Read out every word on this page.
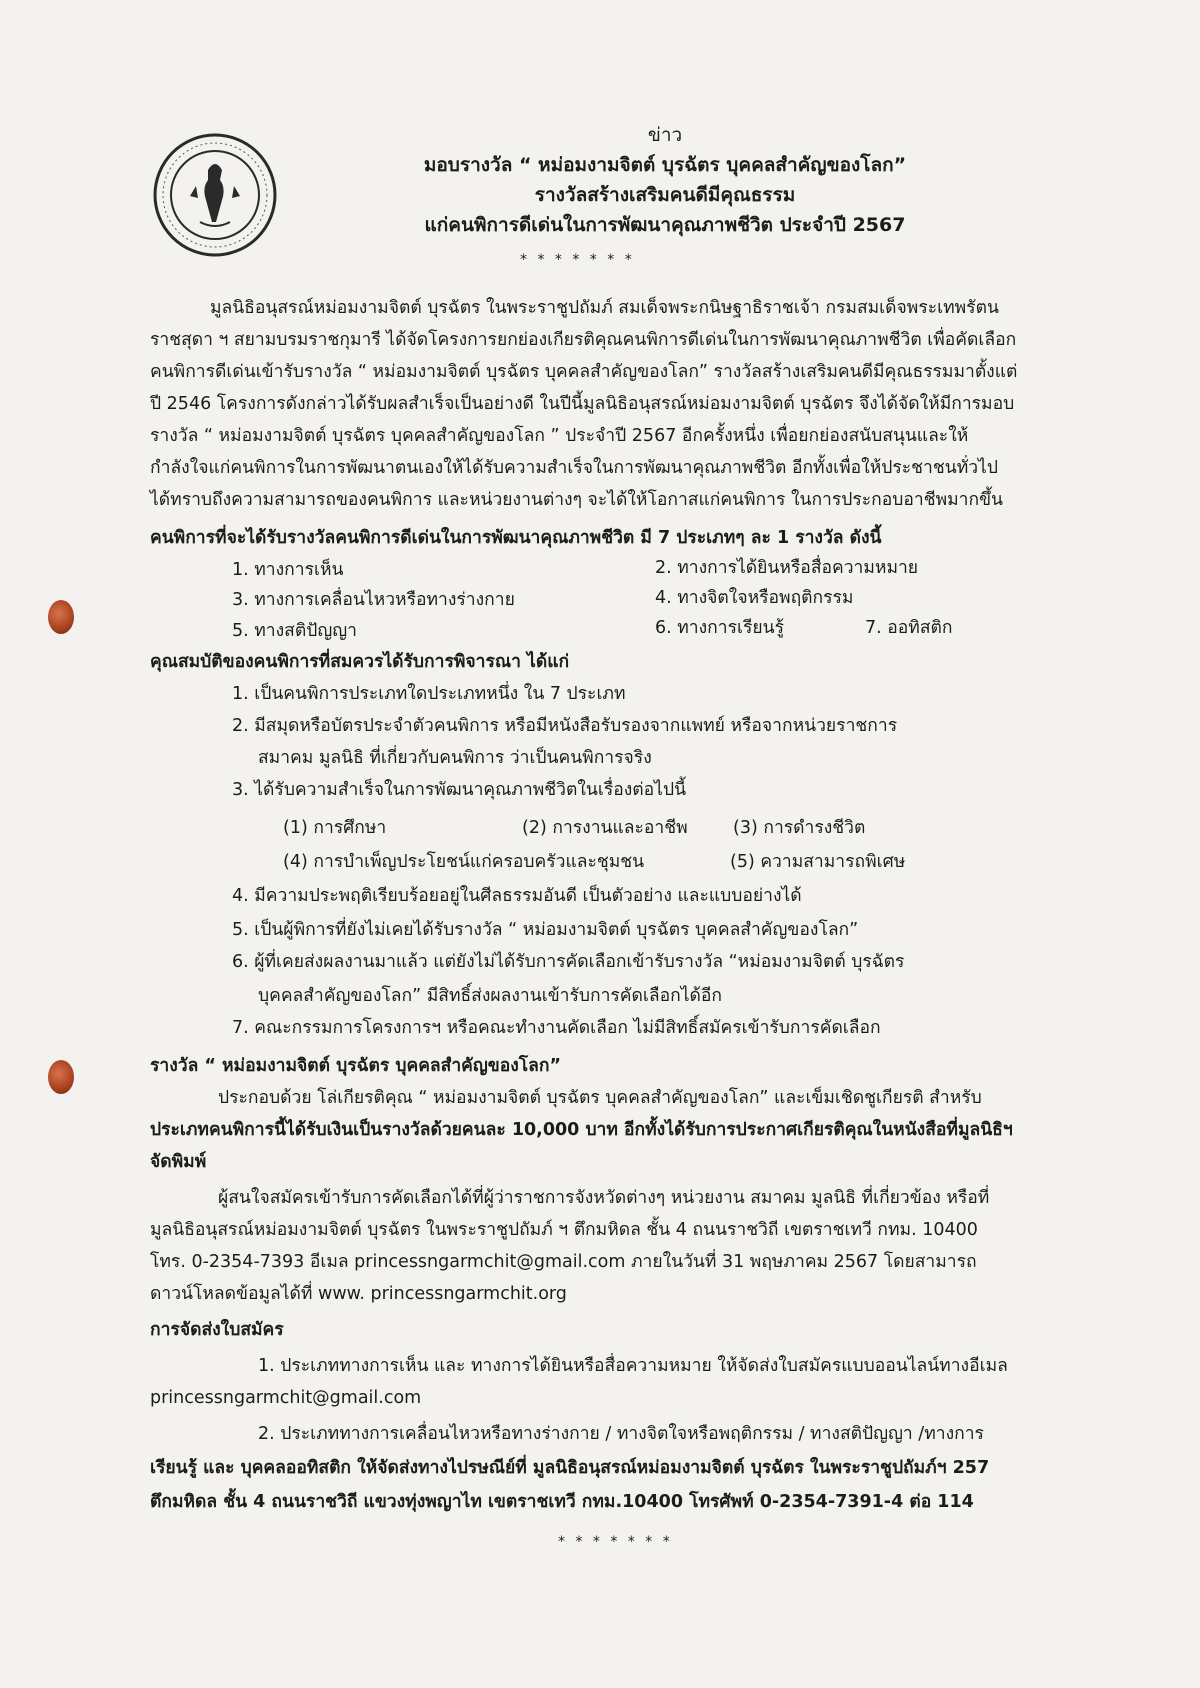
ข่าว
มอบรางวัล “ หม่อมงามจิตต์ บุรฉัตร บุคคลสำคัญของโลก”
รางวัลสร้างเสริมคนดีมีคุณธรรม
แก่คนพิการดีเด่นในการพัฒนาคุณภาพชีวิต ประจำปี 2567
* * * * * * *
มูลนิธิอนุสรณ์หม่อมงามจิตต์ บุรฉัตร ในพระราชูปถัมภ์ สมเด็จพระกนิษฐาธิราชเจ้า กรมสมเด็จพระเทพรัตน
ราชสุดา ฯ สยามบรมราชกุมารี ได้จัดโครงการยกย่องเกียรติคุณคนพิการดีเด่นในการพัฒนาคุณภาพชีวิต เพื่อคัดเลือก
คนพิการดีเด่นเข้ารับรางวัล “ หม่อมงามจิตต์ บุรฉัตร บุคคลสำคัญของโลก” รางวัลสร้างเสริมคนดีมีคุณธรรมมาตั้งแต่
ปี 2546 โครงการดังกล่าวได้รับผลสำเร็จเป็นอย่างดี ในปีนี้มูลนิธิอนุสรณ์หม่อมงามจิตต์ บุรฉัตร จึงได้จัดให้มีการมอบ
รางวัล “ หม่อมงามจิตต์ บุรฉัตร บุคคลสำคัญของโลก ” ประจำปี 2567 อีกครั้งหนึ่ง เพื่อยกย่องสนับสนุนและให้
กำลังใจแก่คนพิการในการพัฒนาตนเองให้ได้รับความสำเร็จในการพัฒนาคุณภาพชีวิต อีกทั้งเพื่อให้ประชาชนทั่วไป
ได้ทราบถึงความสามารถของคนพิการ และหน่วยงานต่างๆ จะได้ให้โอกาสแก่คนพิการ ในการประกอบอาชีพมากขึ้น
คนพิการที่จะได้รับรางวัลคนพิการดีเด่นในการพัฒนาคุณภาพชีวิต มี 7 ประเภทๆ ละ 1 รางวัล ดังนี้
1. ทางการเห็น	2. ทางการได้ยินหรือสื่อความหมาย
3. ทางการเคลื่อนไหวหรือทางร่างกาย	4. ทางจิตใจหรือพฤติกรรม
5. ทางสติปัญญา	6. ทางการเรียนรู้	7. ออทิสติก
คุณสมบัติของคนพิการที่สมควรได้รับการพิจารณา ได้แก่
1. เป็นคนพิการประเภทใดประเภทหนึ่ง ใน 7 ประเภท
2. มีสมุดหรือบัตรประจำตัวคนพิการ หรือมีหนังสือรับรองจากแพทย์ หรือจากหน่วยราชการ
สมาคม มูลนิธิ ที่เกี่ยวกับคนพิการ ว่าเป็นคนพิการจริง
3. ได้รับความสำเร็จในการพัฒนาคุณภาพชีวิตในเรื่องต่อไปนี้
(1) การศึกษา	(2) การงานและอาชีพ	(3) การดำรงชีวิต
(4) การบำเพ็ญประโยชน์แก่ครอบครัวและชุมชน	(5) ความสามารถพิเศษ
4. มีความประพฤติเรียบร้อยอยู่ในศีลธรรมอันดี เป็นตัวอย่าง และแบบอย่างได้
5. เป็นผู้พิการที่ยังไม่เคยได้รับรางวัล “ หม่อมงามจิตต์ บุรฉัตร บุคคลสำคัญของโลก”
6. ผู้ที่เคยส่งผลงานมาแล้ว แต่ยังไม่ได้รับการคัดเลือกเข้ารับรางวัล “หม่อมงามจิตต์ บุรฉัตร
บุคคลสำคัญของโลก” มีสิทธิ์ส่งผลงานเข้ารับการคัดเลือกได้อีก
7. คณะกรรมการโครงการฯ หรือคณะทำงานคัดเลือก ไม่มีสิทธิ์สมัครเข้ารับการคัดเลือก
รางวัล “ หม่อมงามจิตต์ บุรฉัตร บุคคลสำคัญของโลก”
ประกอบด้วย โล่เกียรติคุณ “ หม่อมงามจิตต์ บุรฉัตร บุคคลสำคัญของโลก” และเข็มเชิดชูเกียรติ สำหรับ
ประเภทคนพิการนี้ได้รับเงินเป็นรางวัลด้วยคนละ 10,000 บาท อีกทั้งได้รับการประกาศเกียรติคุณในหนังสือที่มูลนิธิฯ
จัดพิมพ์
ผู้สนใจสมัครเข้ารับการคัดเลือกได้ที่ผู้ว่าราชการจังหวัดต่างๆ หน่วยงาน สมาคม มูลนิธิ ที่เกี่ยวข้อง หรือที่
มูลนิธิอนุสรณ์หม่อมงามจิตต์ บุรฉัตร ในพระราชูปถัมภ์ ฯ ตึกมหิดล ชั้น 4 ถนนราชวิถี เขตราชเทวี กทม. 10400
โทร. 0-2354-7393 อีเมล princessngarmchit@gmail.com ภายในวันที่ 31 พฤษภาคม 2567 โดยสามารถ
ดาวน์โหลดข้อมูลได้ที่ www. princessngarmchit.org
การจัดส่งใบสมัคร
1. ประเภททางการเห็น และ ทางการได้ยินหรือสื่อความหมาย ให้จัดส่งใบสมัครแบบออนไลน์ทางอีเมล
princessngarmchit@gmail.com
2. ประเภททางการเคลื่อนไหวหรือทางร่างกาย / ทางจิตใจหรือพฤติกรรม / ทางสติปัญญา /ทางการ
เรียนรู้ และ บุคคลออทิสติก ให้จัดส่งทางไปรษณีย์ที่ มูลนิธิอนุสรณ์หม่อมงามจิตต์ บุรฉัตร ในพระราชูปถัมภ์ฯ 257
ตึกมหิดล ชั้น 4 ถนนราชวิถี แขวงทุ่งพญาไท เขตราชเทวี กทม.10400 โทรศัพท์ 0-2354-7391-4 ต่อ 114
* * * * * * *
